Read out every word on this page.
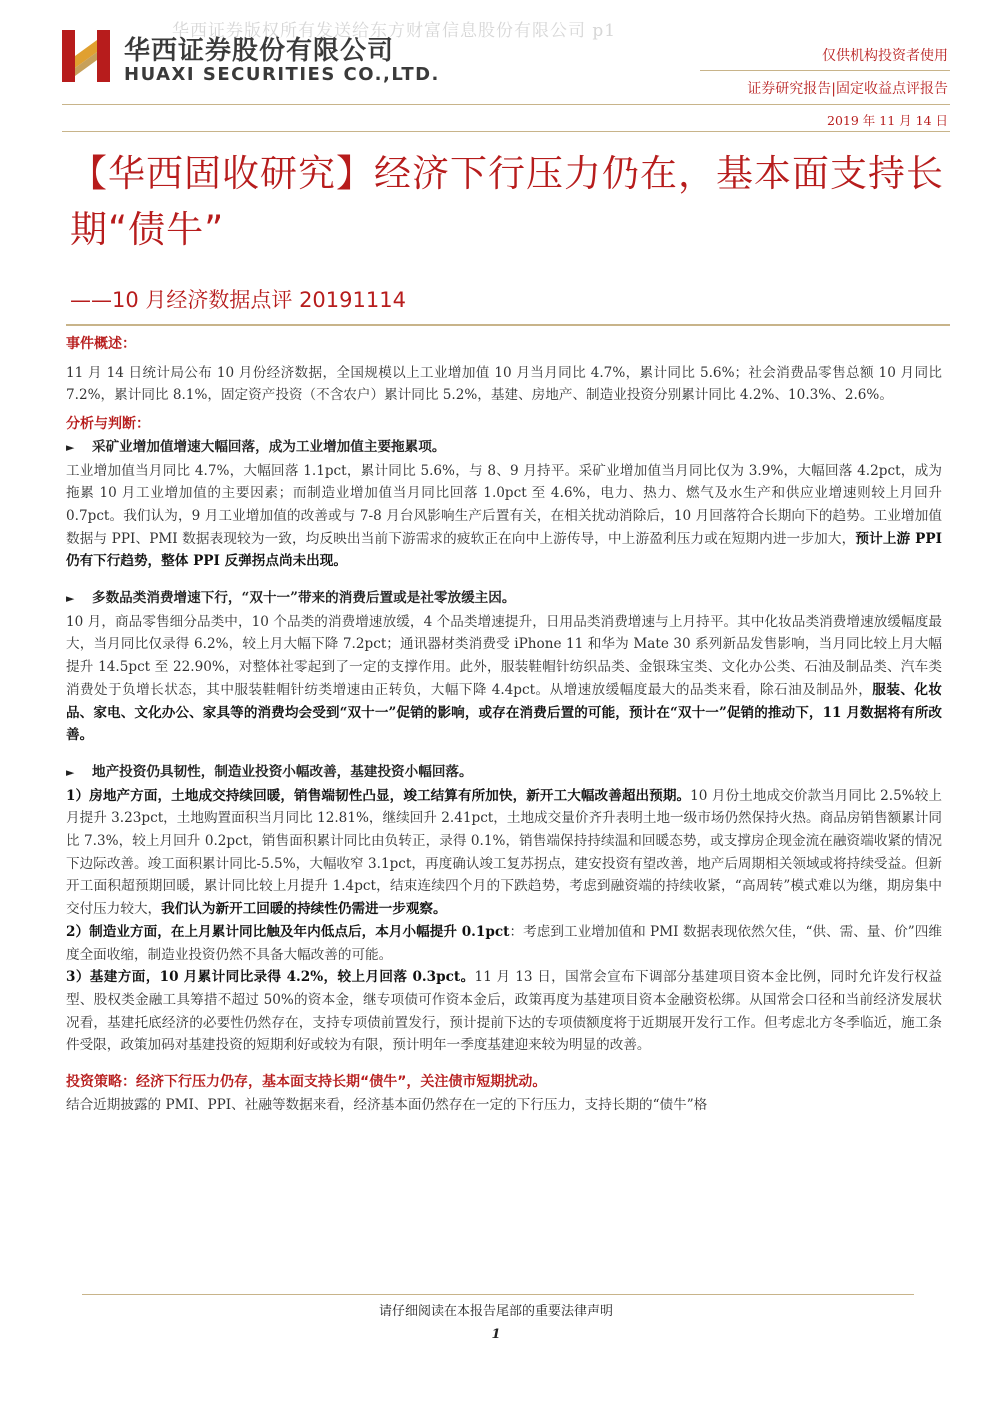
华西证券版权所有发送给东方财富信息股份有限公司 p1
华西证券股份有限公司
HUAXI SECURITIES CO.,LTD.
仅供机构投资者使用
证券研究报告|固定收益点评报告
2019 年 11 月 14 日
【华西固收研究】经济下行压力仍在，基本面支持长期“债牛”
——10 月经济数据点评 20191114

事件概述：

11 月 14 日统计局公布 10 月份经济数据，全国规模以上工业增加值 10 月当月同比 4.7%，累计同比 5.6%；社会消费品零售总额 10 月同比 7.2%，累计同比 8.1%，固定资产投资（不含农户）累计同比 5.2%，基建、房地产、制造业投资分别累计同比 4.2%、10.3%、2.6%。

分析与判断：

► 采矿业增加值增速大幅回落，成为工业增加值主要拖累项。

工业增加值当月同比 4.7%，大幅回落 1.1pct，累计同比 5.6%，与 8、9 月持平。采矿业增加值当月同比仅为 3.9%，大幅回落 4.2pct，成为拖累 10 月工业增加值的主要因素；而制造业增加值当月同比回落 1.0pct 至 4.6%，电力、热力、燃气及水生产和供应业增速则较上月回升 0.7pct。我们认为，9 月工业增加值的改善或与 7-8 月台风影响生产后置有关，在相关扰动消除后，10 月回落符合长期向下的趋势。工业增加值数据与 PPI、PMI 数据表现较为一致，均反映出当前下游需求的疲软正在向中上游传导，中上游盈利压力或在短期内进一步加大，预计上游 PPI 仍有下行趋势，整体 PPI 反弹拐点尚未出现。

► 多数品类消费增速下行，“双十一”带来的消费后置或是社零放缓主因。

10 月，商品零售细分品类中，10 个品类的消费增速放缓，4 个品类增速提升，日用品类消费增速与上月持平。其中化妆品类消费增速放缓幅度最大，当月同比仅录得 6.2%，较上月大幅下降 7.2pct；通讯器材类消费受 iPhone 11 和华为 Mate 30 系列新品发售影响，当月同比较上月大幅提升 14.5pct 至 22.90%，对整体社零起到了一定的支撑作用。此外，服装鞋帽针纺织品类、金银珠宝类、文化办公类、石油及制品类、汽车类消费处于负增长状态，其中服装鞋帽针纺类增速由正转负，大幅下降 4.4pct。从增速放缓幅度最大的品类来看，除石油及制品外，服装、化妆品、家电、文化办公、家具等的消费均会受到“双十一”促销的影响，或存在消费后置的可能，预计在“双十一”促销的推动下，11 月数据将有所改善。

► 地产投资仍具韧性，制造业投资小幅改善，基建投资小幅回落。

1）房地产方面，土地成交持续回暖，销售端韧性凸显，竣工结算有所加快，新开工大幅改善超出预期。10 月份土地成交价款当月同比 2.5%较上月提升 3.23pct，土地购置面积当月同比 12.81%，继续回升 2.41pct，土地成交量价齐升表明土地一级市场仍然保持火热。商品房销售额累计同比 7.3%，较上月回升 0.2pct，销售面积累计同比由负转正，录得 0.1%，销售端保持持续温和回暖态势，或支撑房企现金流在融资端收紧的情况下边际改善。竣工面积累计同比-5.5%，大幅收窄 3.1pct，再度确认竣工复苏拐点，建安投资有望改善，地产后周期相关领域或将持续受益。但新开工面积超预期回暖，累计同比较上月提升 1.4pct，结束连续四个月的下跌趋势，考虑到融资端的持续收紧，“高周转”模式难以为继，期房集中交付压力较大，我们认为新开工回暖的持续性仍需进一步观察。

2）制造业方面，在上月累计同比触及年内低点后，本月小幅提升 0.1pct：考虑到工业增加值和 PMI 数据表现依然欠佳，“供、需、量、价”四维度全面收缩，制造业投资仍然不具备大幅改善的可能。

3）基建方面，10 月累计同比录得 4.2%，较上月回落 0.3pct。11 月 13 日，国常会宣布下调部分基建项目资本金比例，同时允许发行权益型、股权类金融工具筹措不超过 50%的资本金，继专项债可作资本金后，政策再度为基建项目资本金融资松绑。从国常会口径和当前经济发展状况看，基建托底经济的必要性仍然存在，支持专项债前置发行，预计提前下达的专项债额度将于近期展开发行工作。但考虑北方冬季临近，施工条件受限，政策加码对基建投资的短期利好或较为有限，预计明年一季度基建迎来较为明显的改善。

投资策略：经济下行压力仍存，基本面支持长期“债牛”，关注债市短期扰动。

结合近期披露的 PMI、PPI、社融等数据来看，经济基本面仍然存在一定的下行压力，支持长期的“债牛”格

请仔细阅读在本报告尾部的重要法律声明
1
